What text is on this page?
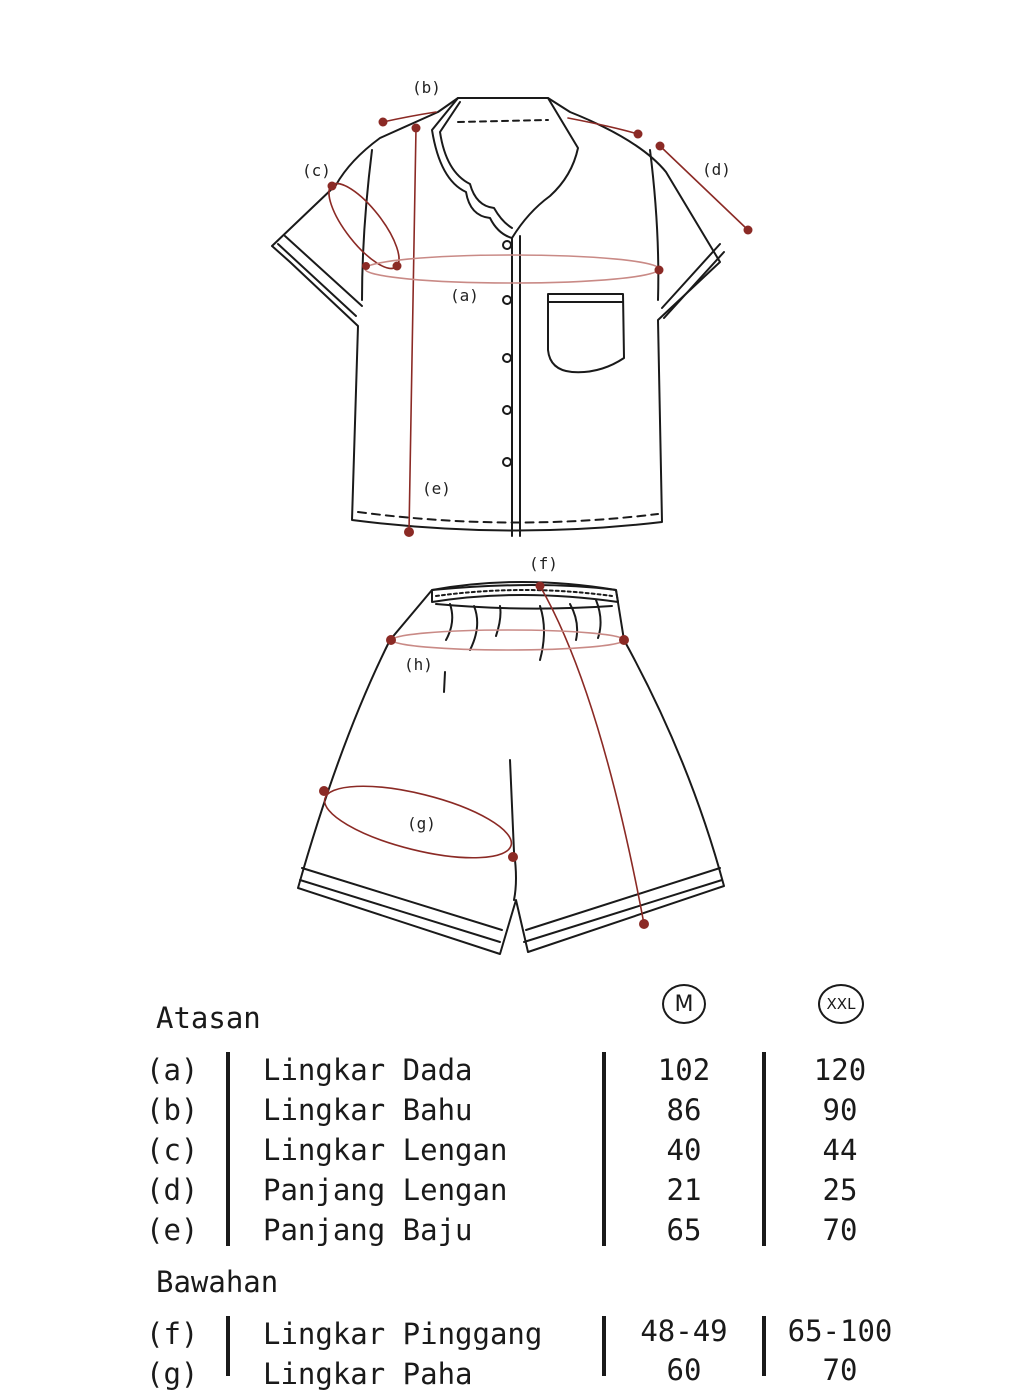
(b)
(c)	(d)
(a)
(e)
(f)
(h)
(g)
M	XXL
Atasan
(a) Lingkar Dada	102	120
(b) Lingkar Bahu	86	90
(c) Lingkar Lengan	40	44
(d) Panjang Lengan	21	25
(e) Panjang Baju	65	70
Bawahan
(f) Lingkar Pinggang	48-49	65-100
(g) Lingkar Paha	60	70
